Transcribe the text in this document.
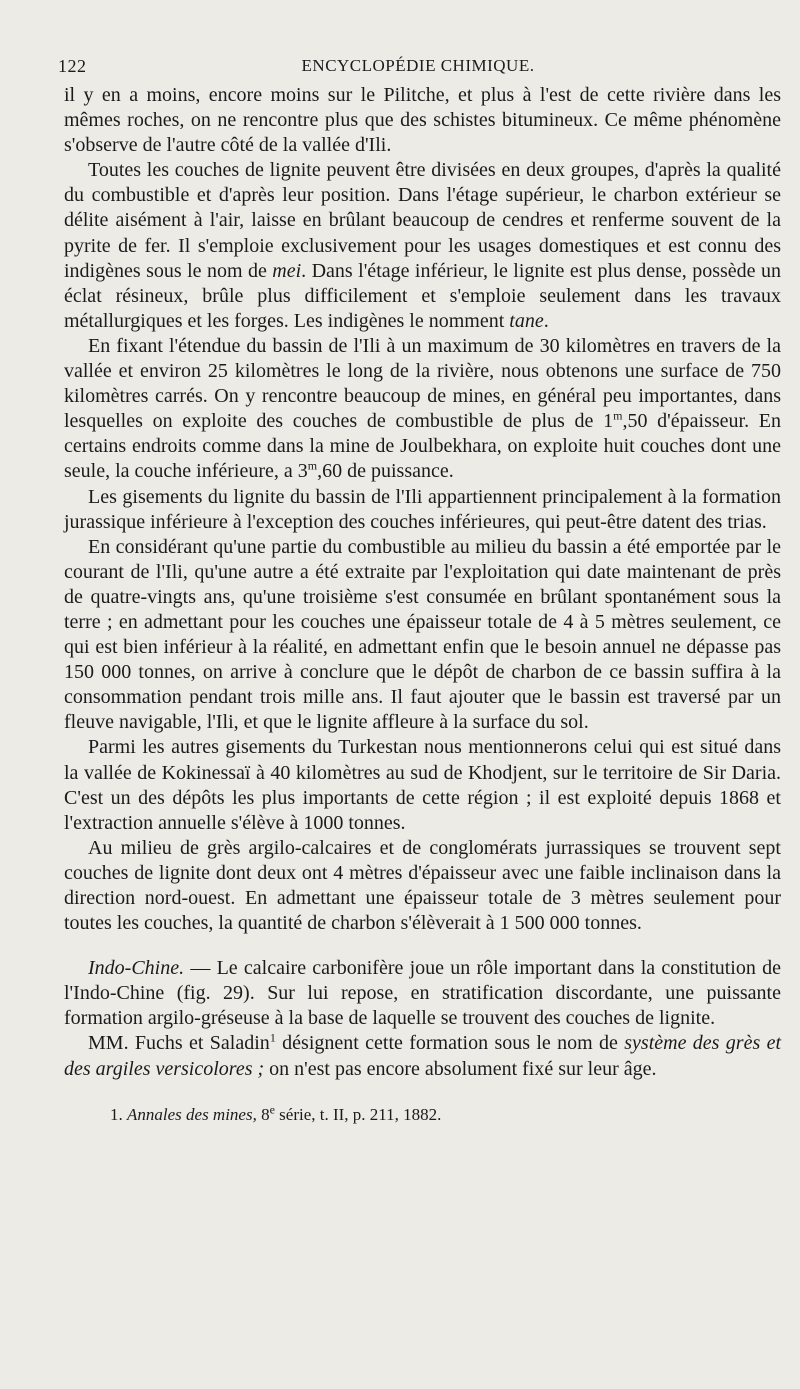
122	ENCYCLOPÉDIE CHIMIQUE.

il y en a moins, encore moins sur le Pilitche, et plus à l'est de cette rivière dans les mêmes roches, on ne rencontre plus que des schistes bitumineux. Ce même phénomène s'observe de l'autre côté de la vallée d'Ili.

Toutes les couches de lignite peuvent être divisées en deux groupes, d'après la qualité du combustible et d'après leur position. Dans l'étage supérieur, le charbon extérieur se délite aisément à l'air, laisse en brûlant beaucoup de cendres et renferme souvent de la pyrite de fer. Il s'emploie exclusivement pour les usages domestiques et est connu des indigènes sous le nom de mei. Dans l'étage inférieur, le lignite est plus dense, possède un éclat résineux, brûle plus difficilement et s'emploie seulement dans les travaux métallurgiques et les forges. Les indigènes le nomment tane.

En fixant l'étendue du bassin de l'Ili à un maximum de 30 kilomètres en travers de la vallée et environ 25 kilomètres le long de la rivière, nous obtenons une surface de 750 kilomètres carrés. On y rencontre beaucoup de mines, en général peu importantes, dans lesquelles on exploite des couches de combustible de plus de 1$^m$,50 d'épaisseur. En certains endroits comme dans la mine de Joulbekhara, on exploite huit couches dont une seule, la couche inférieure, a 3$^m$,60 de puissance.

Les gisements du lignite du bassin de l'Ili appartiennent principalement à la formation jurassique inférieure à l'exception des couches inférieures, qui peut-être datent des trias.

En considérant qu'une partie du combustible au milieu du bassin a été emportée par le courant de l'Ili, qu'une autre a été extraite par l'exploitation qui date maintenant de près de quatre-vingts ans, qu'une troisième s'est consumée en brûlant spontanément sous la terre ; en admettant pour les couches une épaisseur totale de 4 à 5 mètres seulement, ce qui est bien inférieur à la réalité, en admettant enfin que le besoin annuel ne dépasse pas 150 000 tonnes, on arrive à conclure que le dépôt de charbon de ce bassin suffira à la consommation pendant trois mille ans. Il faut ajouter que le bassin est traversé par un fleuve navigable, l'Ili, et que le lignite affleure à la surface du sol.

Parmi les autres gisements du Turkestan nous mentionnerons celui qui est situé dans la vallée de Kokinessaï à 40 kilomètres au sud de Khodjent, sur le territoire de Sir Daria. C'est un des dépôts les plus importants de cette région ; il est exploité depuis 1868 et l'extraction annuelle s'élève à 1000 tonnes.

Au milieu de grès argilo-calcaires et de conglomérats jurrassiques se trouvent sept couches de lignite dont deux ont 4 mètres d'épaisseur avec une faible inclinaison dans la direction nord-ouest. En admettant une épaisseur totale de 3 mètres seulement pour toutes les couches, la quantité de charbon s'élèverait à 1 500 000 tonnes.

Indo-Chine. — Le calcaire carbonifère joue un rôle important dans la constitution de l'Indo-Chine (fig. 29). Sur lui repose, en stratification discordante, une puissante formation argilo-gréseuse à la base de laquelle se trouvent des couches de lignite.

MM. Fuchs et Saladin$^1$ désignent cette formation sous le nom de système des grès et des argiles versicolores ; on n'est pas encore absolument fixé sur leur âge.

1. Annales des mines, 8e série, t. II, p. 211, 1882.
